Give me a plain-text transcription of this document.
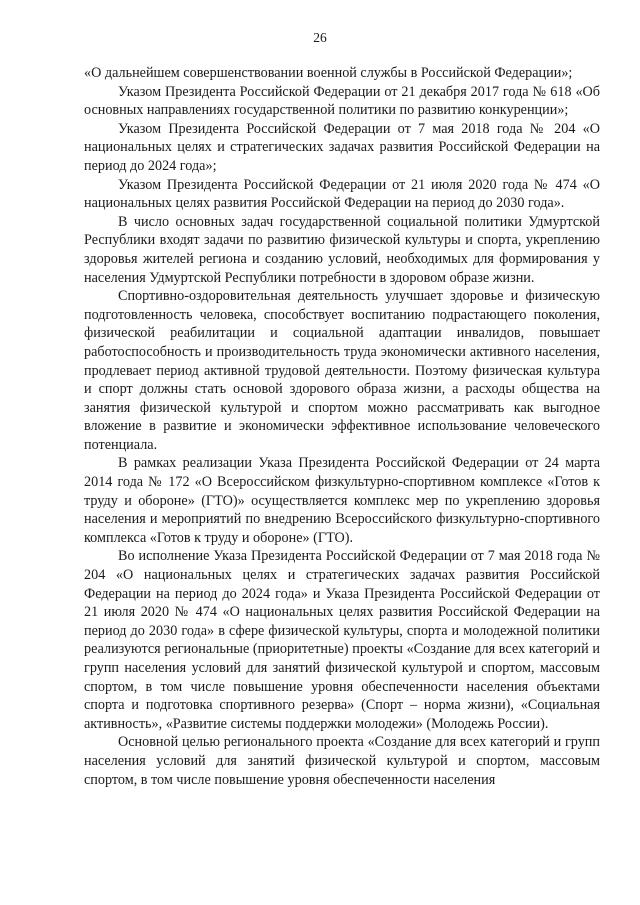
26

«О дальнейшем совершенствовании военной службы в Российской Федерации»;

Указом Президента Российской Федерации от 21 декабря 2017 года № 618 «Об основных направлениях государственной политики по развитию конкуренции»;

Указом Президента Российской Федерации от 7 мая 2018 года № 204 «О национальных целях и стратегических задачах развития Российской Федерации на период до 2024 года»;

Указом Президента Российской Федерации от 21 июля 2020 года № 474 «О национальных целях развития Российской Федерации на период до 2030 года».

В число основных задач государственной социальной политики Удмуртской Республики входят задачи по развитию физической культуры и спорта, укреплению здоровья жителей региона и созданию условий, необходимых для формирования у населения Удмуртской Республики потребности в здоровом образе жизни.

Спортивно-оздоровительная деятельность улучшает здоровье и физическую подготовленность человека, способствует воспитанию подрастающего поколения, физической реабилитации и социальной адаптации инвалидов, повышает работоспособность и производительность труда экономически активного населения, продлевает период активной трудовой деятельности. Поэтому физическая культура и спорт должны стать основой здорового образа жизни, а расходы общества на занятия физической культурой и спортом можно рассматривать как выгодное вложение в развитие и экономически эффективное использование человеческого потенциала.

В рамках реализации Указа Президента Российской Федерации от 24 марта 2014 года № 172 «О Всероссийском физкультурно-спортивном комплексе «Готов к труду и обороне» (ГТО)» осуществляется комплекс мер по укреплению здоровья населения и мероприятий по внедрению Всероссийского физкультурно-спортивного комплекса «Готов к труду и обороне» (ГТО).

Во исполнение Указа Президента Российской Федерации от 7 мая 2018 года № 204 «О национальных целях и стратегических задачах развития Российской Федерации на период до 2024 года» и Указа Президента Российской Федерации от 21 июля 2020 № 474 «О национальных целях развития Российской Федерации на период до 2030 года» в сфере физической культуры, спорта и молодежной политики реализуются региональные (приоритетные) проекты «Создание для всех категорий и групп населения условий для занятий физической культурой и спортом, массовым спортом, в том числе повышение уровня обеспеченности населения объектами спорта и подготовка спортивного резерва» (Спорт – норма жизни), «Социальная активность», «Развитие системы поддержки молодежи» (Молодежь России).

Основной целью регионального проекта «Создание для всех категорий и групп населения условий для занятий физической культурой и спортом, массовым спортом, в том числе повышение уровня обеспеченности населения
